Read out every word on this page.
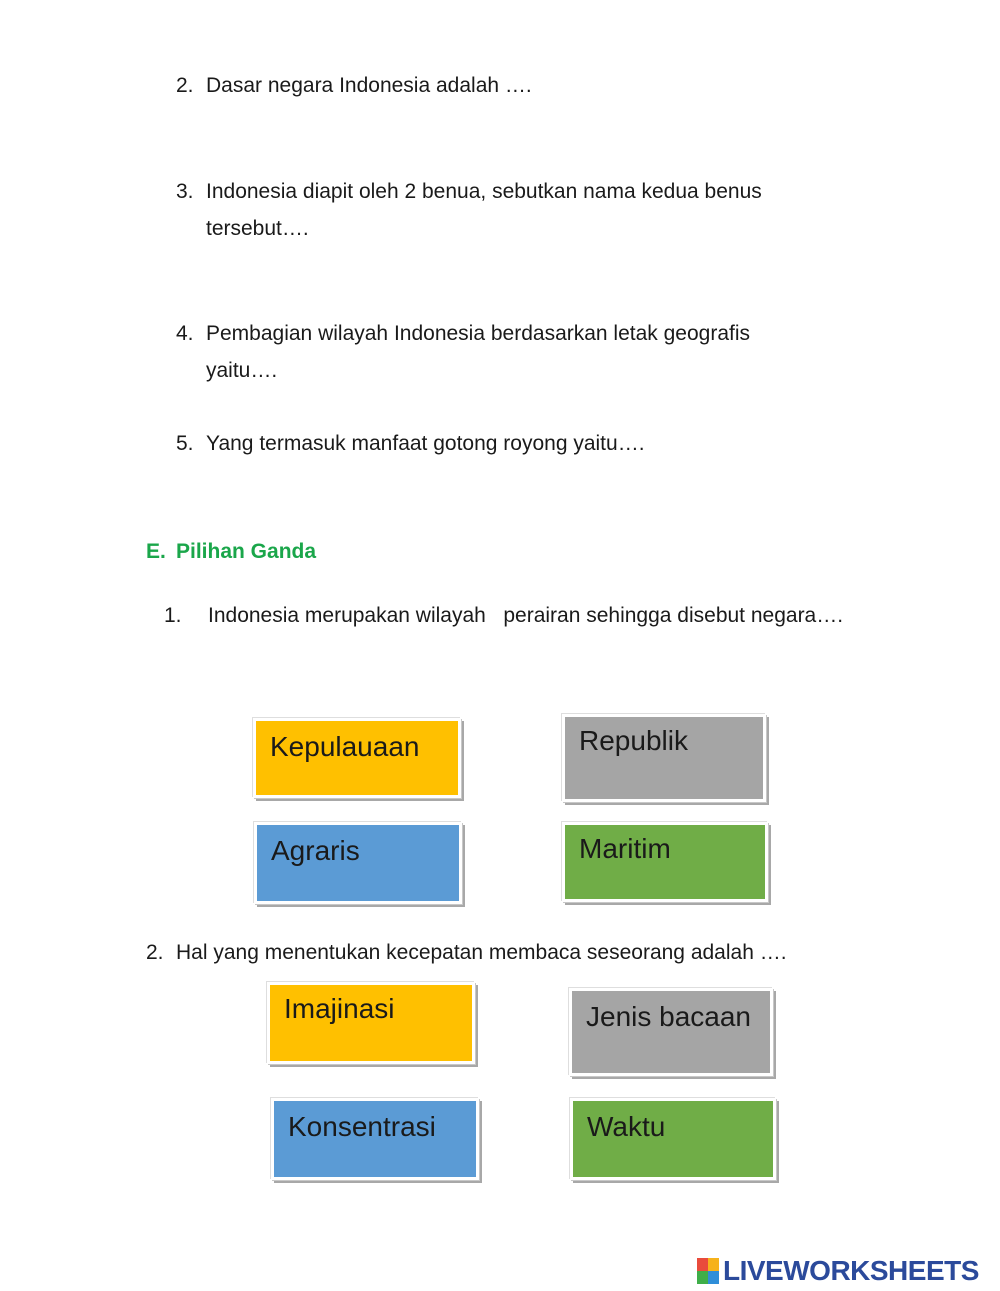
2. Dasar negara Indonesia adalah ….
3. Indonesia diapit oleh 2 benua, sebutkan nama kedua benus
tersebut….
4. Pembagian wilayah Indonesia berdasarkan letak geografis
yaitu….
5. Yang termasuk manfaat gotong royong yaitu….
E. Pilihan Ganda
1.	Indonesia merupakan wilayah   perairan sehingga disebut negara….
Kepulauaan	Republik
Agraris	Maritim
2. Hal yang menentukan kecepatan membaca seseorang adalah ….
Imajinasi	Jenis bacaan
Konsentrasi	Waktu
LIVEWORKSHEETS
